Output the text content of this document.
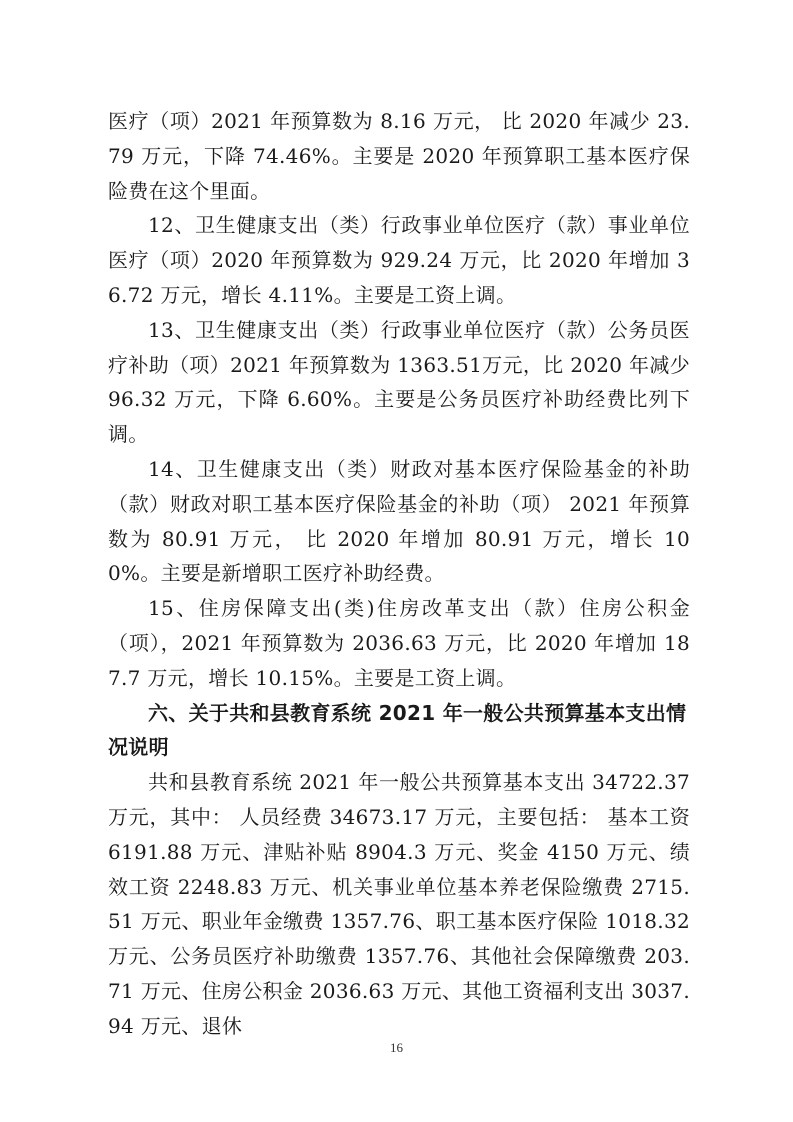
医疗（项）2021 年预算数为 8.16 万元， 比 2020 年减少 23.79 万元，下降 74.46%。主要是 2020 年预算职工基本医疗保险费在这个里面。

12、卫生健康支出（类）行政事业单位医疗（款）事业单位医疗（项）2020 年预算数为 929.24 万元，比 2020 年增加 36.72 万元，增长 4.11%。主要是工资上调。

13、卫生健康支出（类）行政事业单位医疗（款）公务员医疗补助（项）2021 年预算数为 1363.51万元，比 2020 年减少 96.32 万元，下降 6.60%。主要是公务员医疗补助经费比列下调。

14、卫生健康支出（类）财政对基本医疗保险基金的补助（款）财政对职工基本医疗保险基金的补助（项） 2021 年预算数为 80.91 万元， 比 2020 年增加 80.91 万元，增长 100%。主要是新增职工医疗补助经费。

15、住房保障支出(类)住房改革支出（款）住房公积金（项），2021 年预算数为 2036.63 万元，比 2020 年增加 187.7 万元，增长 10.15%。主要是工资上调。

六、关于共和县教育系统 2021 年一般公共预算基本支出情况说明

共和县教育系统 2021 年一般公共预算基本支出 34722.37 万元，其中： 人员经费 34673.17 万元，主要包括： 基本工资 6191.88 万元、津贴补贴 8904.3 万元、奖金 4150 万元、绩效工资 2248.83 万元、机关事业单位基本养老保险缴费 2715.51 万元、职业年金缴费 1357.76、职工基本医疗保险 1018.32 万元、公务员医疗补助缴费 1357.76、其他社会保障缴费 203.71 万元、住房公积金 2036.63 万元、其他工资福利支出 3037.94 万元、退休

16
